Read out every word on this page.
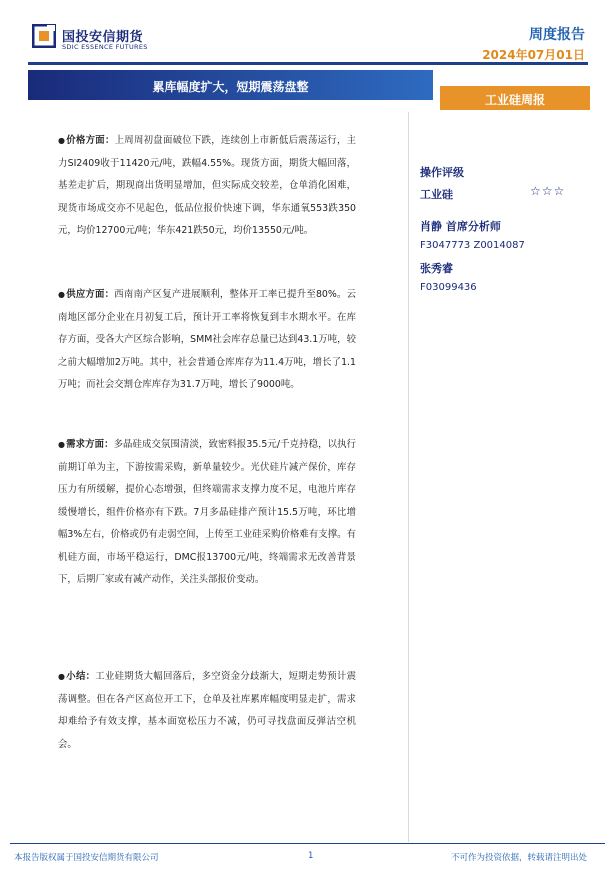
国投安信期货
SDIC ESSENCE FUTURES
周度报告
2024年07月01日
累库幅度扩大，短期震荡盘整
工业硅周报
●价格方面：上周周初盘面破位下跌，连续创上市新低后震荡运行，主力SI2409收于11420元/吨，跌幅4.55%。现货方面，期货大幅回落，基差走扩后，期现商出货明显增加，但实际成交较差，仓单消化困难，现货市场成交亦不见起色，低品位报价快速下调，华东通氧553跌350元，均价12700元/吨；华东421跌50元，均价13550元/吨。
●供应方面：西南南产区复产进展顺利，整体开工率已提升至80%。云南地区部分企业在月初复工后，预计开工率将恢复到丰水期水平。在库存方面，受各大产区综合影响，SMM社会库存总量已达到43.1万吨，较之前大幅增加2万吨。其中，社会普通仓库库存为11.4万吨，增长了1.1万吨；而社会交割仓库库存为31.7万吨，增长了9000吨。
●需求方面：多晶硅成交氛围清淡，致密料报35.5元/千克持稳，以执行前期订单为主，下游按需采购，新单量较少。光伏硅片减产保价，库存压力有所缓解，提价心态增强，但终端需求支撑力度不足，电池片库存缓慢增长，组件价格亦有下跌。7月多晶硅排产预计15.5万吨，环比增幅3%左右，价格或仍有走弱空间，上传至工业硅采购价格难有支撑。有机硅方面，市场平稳运行，DMC报13700元/吨，终端需求无改善背景下，后期厂家或有减产动作，关注头部报价变动。
●小结：工业硅期货大幅回落后，多空资金分歧渐大，短期走势预计震荡调整。但在各产区高位开工下，仓单及社库累库幅度明显走扩，需求却难给予有效支撑，基本面宽松压力不减，仍可寻找盘面反弹沽空机会。
操作评级
工业硅	☆☆☆
肖静 首席分析师
F3047773 Z0014087
张秀睿
F03099436
本报告版权属于国投安信期货有限公司	1	不可作为投资依据，转载请注明出处
